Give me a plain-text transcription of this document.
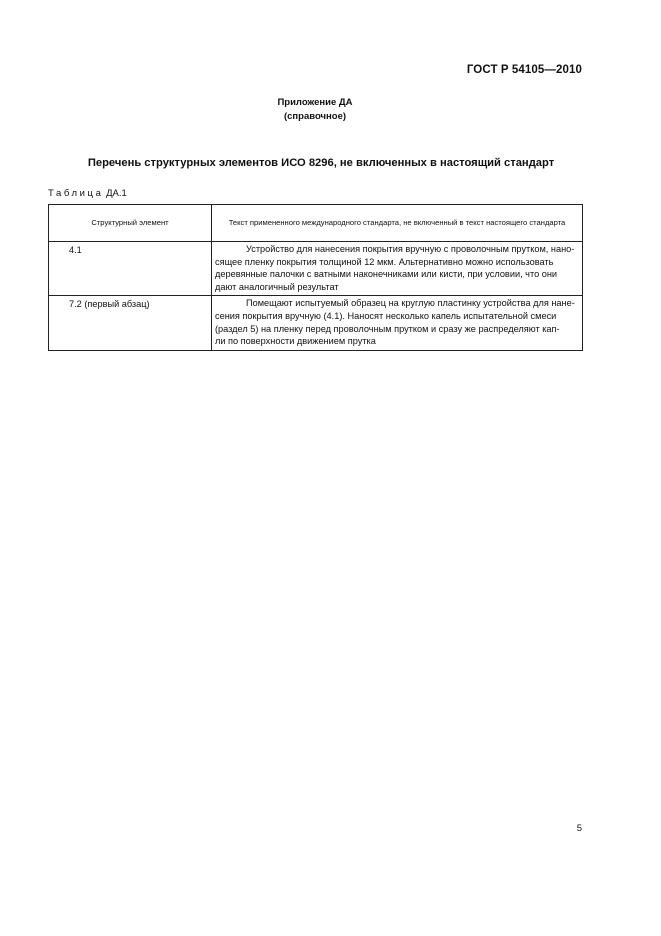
ГОСТ Р 54105—2010
Приложение ДА
(справочное)
Перечень структурных элементов ИСО 8296, не включенных в настоящий стандарт
Таблица ДА.1
Структурный элемент	Текст примененного международного стандарта, не включенный в текст настоящего стандарта
4.1	Устройство для нанесения покрытия вручную с проволочным прутком, нано-
сящее пленку покрытия толщиной 12 мкм. Альтернативно можно использовать
деревянные палочки с ватными наконечниками или кисти, при условии, что они
дают аналогичный результат

7.2 (первый абзац)	Помещают испытуемый образец на круглую пластинку устройства для нане-
сения покрытия вручную (4.1). Наносят несколько капель испытательной смеси
(раздел 5) на пленку перед проволочным прутком и сразу же распределяют кап-
ли по поверхности движением прутка
5
